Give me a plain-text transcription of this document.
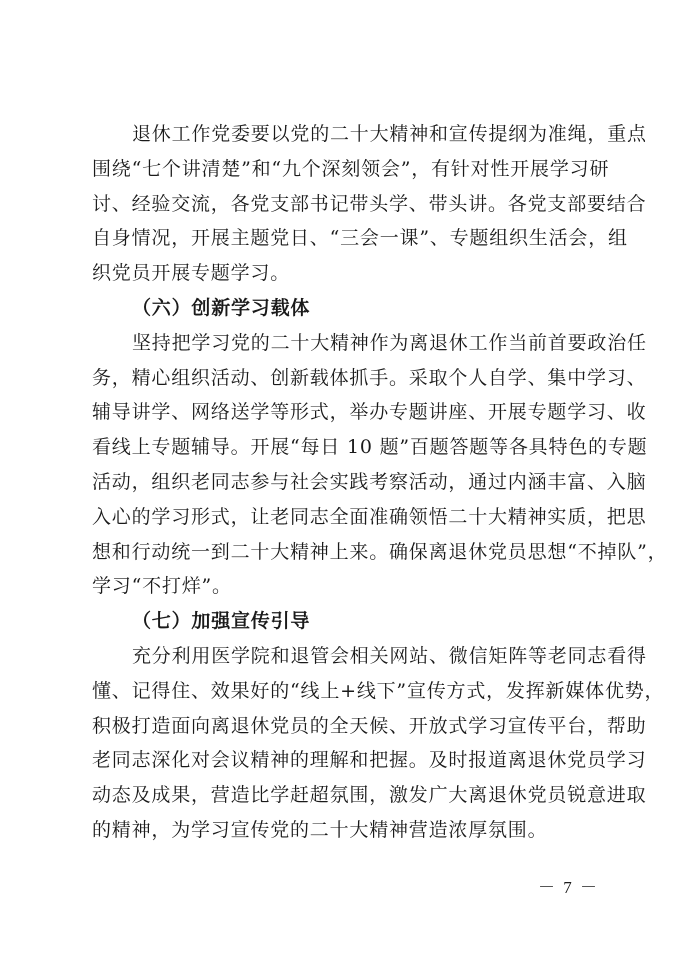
退休工作党委要以党的二十大精神和宣传提纲为准绳，重点
围绕“七个讲清楚”和“九个深刻领会”，有针对性开展学习研
讨、经验交流，各党支部书记带头学、带头讲。各党支部要结合
自身情况，开展主题党日、“三会一课”、专题组织生活会，组
织党员开展专题学习。

（六）创新学习载体

坚持把学习党的二十大精神作为离退休工作当前首要政治任
务，精心组织活动、创新载体抓手。采取个人自学、集中学习、
辅导讲学、网络送学等形式，举办专题讲座、开展专题学习、收
看线上专题辅导。开展“每日 10 题”百题答题等各具特色的专题
活动，组织老同志参与社会实践考察活动，通过内涵丰富、入脑
入心的学习形式，让老同志全面准确领悟二十大精神实质，把思
想和行动统一到二十大精神上来。确保离退休党员思想“不掉队”，
学习“不打烊”。

（七）加强宣传引导

充分利用医学院和退管会相关网站、微信矩阵等老同志看得
懂、记得住、效果好的“线上+线下”宣传方式，发挥新媒体优势，
积极打造面向离退休党员的全天候、开放式学习宣传平台，帮助
老同志深化对会议精神的理解和把握。及时报道离退休党员学习
动态及成果，营造比学赶超氛围，激发广大离退休党员锐意进取
的精神，为学习宣传党的二十大精神营造浓厚氛围。

－ 7 －
